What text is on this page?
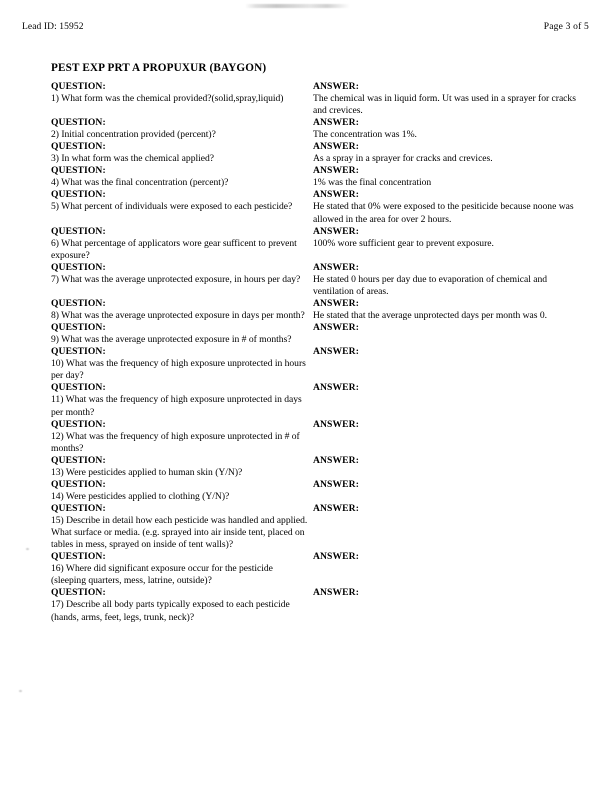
Lead ID: 15952	Page 3 of 5
PEST EXP PRT A PROPUXUR (BAYGON)
QUESTION:		ANSWER:
1) What form was the chemical provided?(solid,spray,liquid)		The chemical was in liquid form. Ut was used in a sprayer for cracks and crevices.
QUESTION:		ANSWER:
2) Initial concentration provided (percent)?		The concentration was 1%.
QUESTION:		ANSWER:
3) In what form was the chemical applied?		As a spray in a sprayer for cracks and crevices.
QUESTION:		ANSWER:
4) What was the final concentration (percent)?		1% was the final concentration
QUESTION:		ANSWER:
5) What percent of individuals were exposed to each pesticide?		He stated that 0% were exposed to the pesiticide because noone was allowed in the area for over 2 hours.
QUESTION:		ANSWER:
6) What percentage of applicators wore gear sufficent to prevent exposure?		100% wore sufficient gear to prevent exposure.
QUESTION:		ANSWER:
7) What was the average unprotected exposure, in hours per day?		He stated 0 hours per day due to evaporation of chemical and ventilation of areas.
QUESTION:		ANSWER:
8) What was the average unprotected exposure in days per month?		He stated that the average unprotected days per month was 0.
QUESTION:		ANSWER:
9) What was the average unprotected exposure in # of months?		
QUESTION:		ANSWER:
10) What was the frequency of high exposure unprotected in hours per day?		
QUESTION:		ANSWER:
11) What was the frequency of high exposure unprotected in days per month?		
QUESTION:		ANSWER:
12) What was the frequency of high exposure unprotected in # of months?		
QUESTION:		ANSWER:
13) Were pesticides applied to human skin (Y/N)?		
QUESTION:		ANSWER:
14) Were pesticides applied to clothing (Y/N)?		
QUESTION:		ANSWER:
15) Describe in detail how each pesticide was handled and applied. What surface or media. (e.g. sprayed into air inside tent, placed on tables in mess, sprayed on inside of tent walls)?		
QUESTION:		ANSWER:
16) Where did significant exposure occur for the pesticide (sleeping quarters, mess, latrine, outside)?		
QUESTION:		ANSWER:
17) Describe all body parts typically exposed to each pesticide (hands, arms, feet, legs, trunk, neck)?		
